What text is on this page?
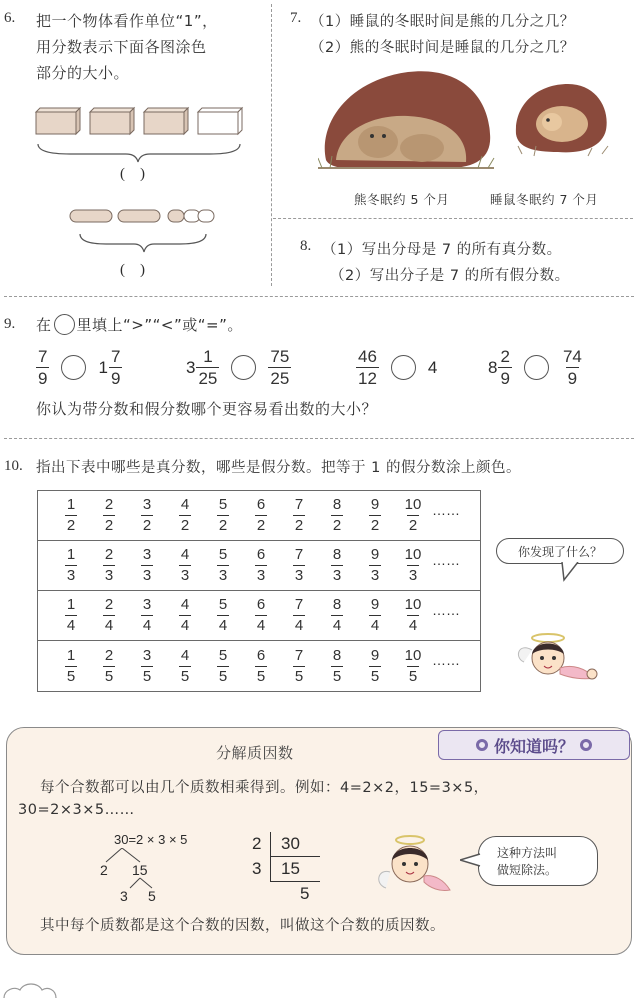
6. 把一个物体看作单位“1”，
用分数表示下面各图涂色
部分的大小。
(    )
(    )
7. （1）睡鼠的冬眠时间是熊的几分之几？
（2）熊的冬眠时间是睡鼠的几分之几？
熊冬眠约 5 个月	睡鼠冬眠约 7 个月
8. （1）写出分母是 7 的所有真分数。
（2）写出分子是 7 的所有假分数。
9. 在 里填上“>”“<”或“=”。
$\frac{7}{9}$	$1 \frac{7}{9}$	$3 \frac{1}{25}$	$\frac{75}{25}$	$\frac{46}{12}$	4	$8 \frac{2}{9}$	$\frac{74}{9}$
你认为带分数和假分数哪个更容易看出数的大小？
10. 指出下表中哪些是真分数，哪些是假分数。把等于 1 的假分数涂上颜色。
$\frac{1}{2} \frac{2}{2} \frac{3}{2} \frac{4}{2} \frac{5}{2} \frac{6}{2} \frac{7}{2} \frac{8}{2} \frac{9}{2} \frac{10}{2}$ ……
$\frac{1}{3} \frac{2}{3} \frac{3}{3} \frac{4}{3} \frac{5}{3} \frac{6}{3} \frac{7}{3} \frac{8}{3} \frac{9}{3} \frac{10}{3}$ ……
$\frac{1}{4} \frac{2}{4} \frac{3}{4} \frac{4}{4} \frac{5}{4} \frac{6}{4} \frac{7}{4} \frac{8}{4} \frac{9}{4} \frac{10}{4}$ ……
$\frac{1}{5} \frac{2}{5} \frac{3}{5} \frac{4}{5} \frac{5}{5} \frac{6}{5} \frac{7}{5} \frac{8}{5} \frac{9}{5} \frac{10}{5}$ ……
你发现了什么？
分解质因数	你知道吗？
每个合数都可以由几个质数相乘得到。例如：4=2×2，15=3×5，
30=2×3×5……
30=2 × 3 × 5
2 15
3 5
2	30
3	15
5
这种方法叫
做短除法。
其中每个质数都是这个合数的因数，叫做这个合数的质因数。
